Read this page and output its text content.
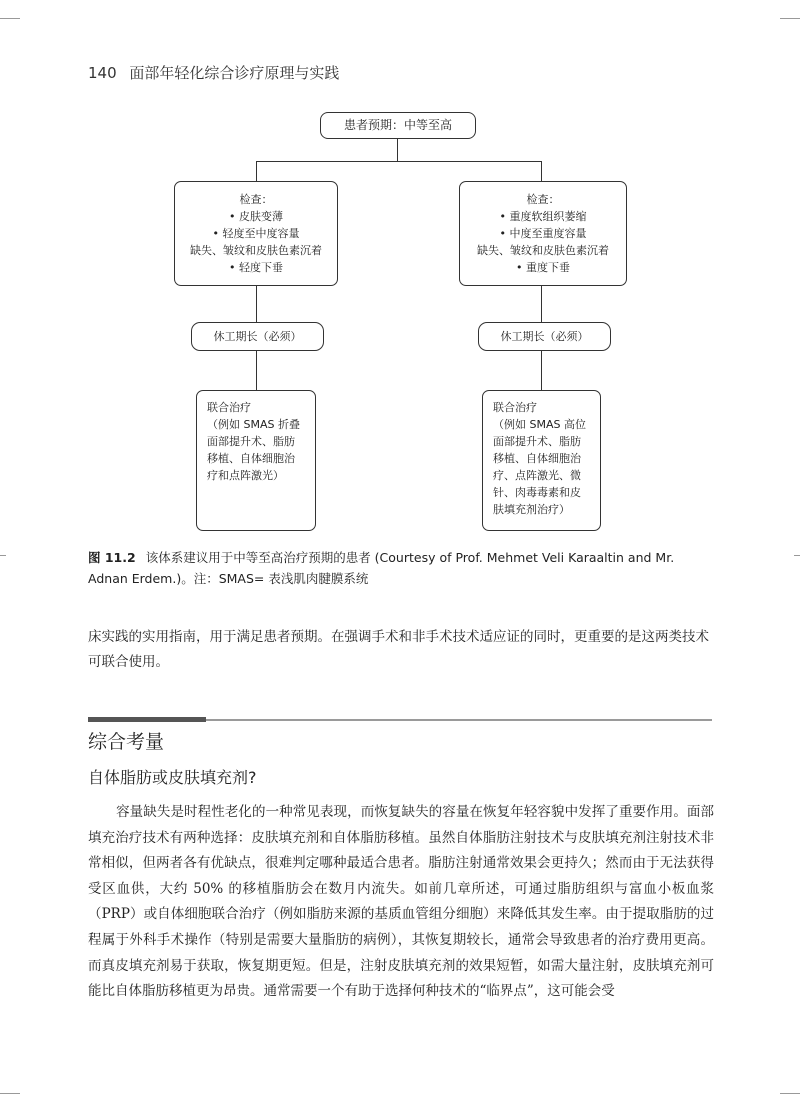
140 面部年轻化综合诊疗原理与实践
患者预期：中等至高
检查：
• 皮肤变薄
• 轻度至中度容量
缺失、皱纹和皮肤色素沉着
• 轻度下垂
检查：
• 重度软组织萎缩
• 中度至重度容量
缺失、皱纹和皮肤色素沉着
• 重度下垂
休工期长（必须）	休工期长（必须）
联合治疗
（例如 SMAS 折叠
面部提升术、脂肪
移植、自体细胞治
疗和点阵激光）
联合治疗
（例如 SMAS 高位
面部提升术、脂肪
移植、自体细胞治
疗、点阵激光、微
针、肉毒毒素和皮
肤填充剂治疗）
图 11.2 该体系建议用于中等至高治疗预期的患者 (Courtesy of Prof. Mehmet Veli Karaaltin and Mr. Adnan Erdem.)。注：SMAS= 表浅肌肉腱膜系统
床实践的实用指南，用于满足患者预期。在强调手术和非手术技术适应证的同时，更重要的是这两类技术可联合使用。
综合考量
自体脂肪或皮肤填充剂?
容量缺失是时程性老化的一种常见表现，而恢复缺失的容量在恢复年轻容貌中发挥了重要作用。面部填充治疗技术有两种选择：皮肤填充剂和自体脂肪移植。虽然自体脂肪注射技术与皮肤填充剂注射技术非常相似，但两者各有优缺点，很难判定哪种最适合患者。脂肪注射通常效果会更持久；然而由于无法获得受区血供，大约 50% 的移植脂肪会在数月内流失。如前几章所述，可通过脂肪组织与富血小板血浆（PRP）或自体细胞联合治疗（例如脂肪来源的基质血管组分细胞）来降低其发生率。由于提取脂肪的过程属于外科手术操作（特别是需要大量脂肪的病例），其恢复期较长，通常会导致患者的治疗费用更高。而真皮填充剂易于获取，恢复期更短。但是，注射皮肤填充剂的效果短暂，如需大量注射，皮肤填充剂可能比自体脂肪移植更为昂贵。通常需要一个有助于选择何种技术的“临界点”，这可能会受
